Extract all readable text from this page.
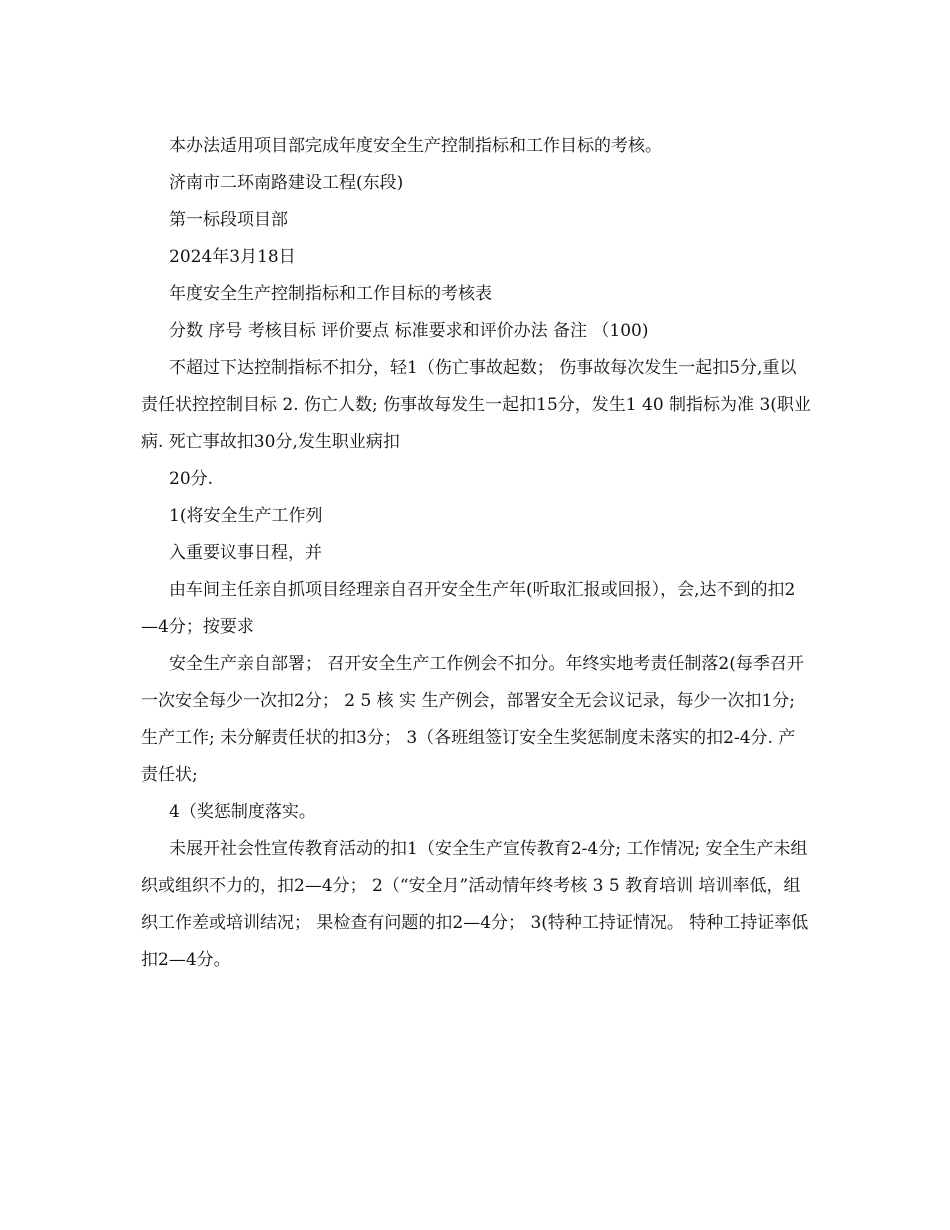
本办法适用项目部完成年度安全生产控制指标和工作目标的考核。

济南市二环南路建设工程(东段)

第一标段项目部

2024年3月18日

年度安全生产控制指标和工作目标的考核表

分数 序号 考核目标 评价要点 标准要求和评价办法 备注 （100)

不超过下达控制指标不扣分，轻1（伤亡事故起数； 伤事故每次发生一起扣5分,重以责任状控控制目标 2. 伤亡人数; 伤事故每发生一起扣15分，发生1 40 制指标为准 3(职业病. 死亡事故扣30分,发生职业病扣

20分.

1(将安全生产工作列

入重要议事日程，并

由车间主任亲自抓项目经理亲自召开安全生产年(听取汇报或回报），会,达不到的扣2—4分；按要求

安全生产亲自部署； 召开安全生产工作例会不扣分。年终实地考责任制落2(每季召开一次安全每少一次扣2分； 2 5 核 实 生产例会，部署安全无会议记录，每少一次扣1分; 生产工作; 未分解责任状的扣3分； 3（各班组签订安全生奖惩制度未落实的扣2-4分. 产责任状;

4（奖惩制度落实。

未展开社会性宣传教育活动的扣1（安全生产宣传教育2-4分; 工作情况; 安全生产未组织或组织不力的，扣2—4分； 2（“安全月”活动情年终考核 3 5 教育培训 培训率低，组织工作差或培训结况； 果检查有问题的扣2—4分； 3(特种工持证情况。 特种工持证率低扣2—4分。
